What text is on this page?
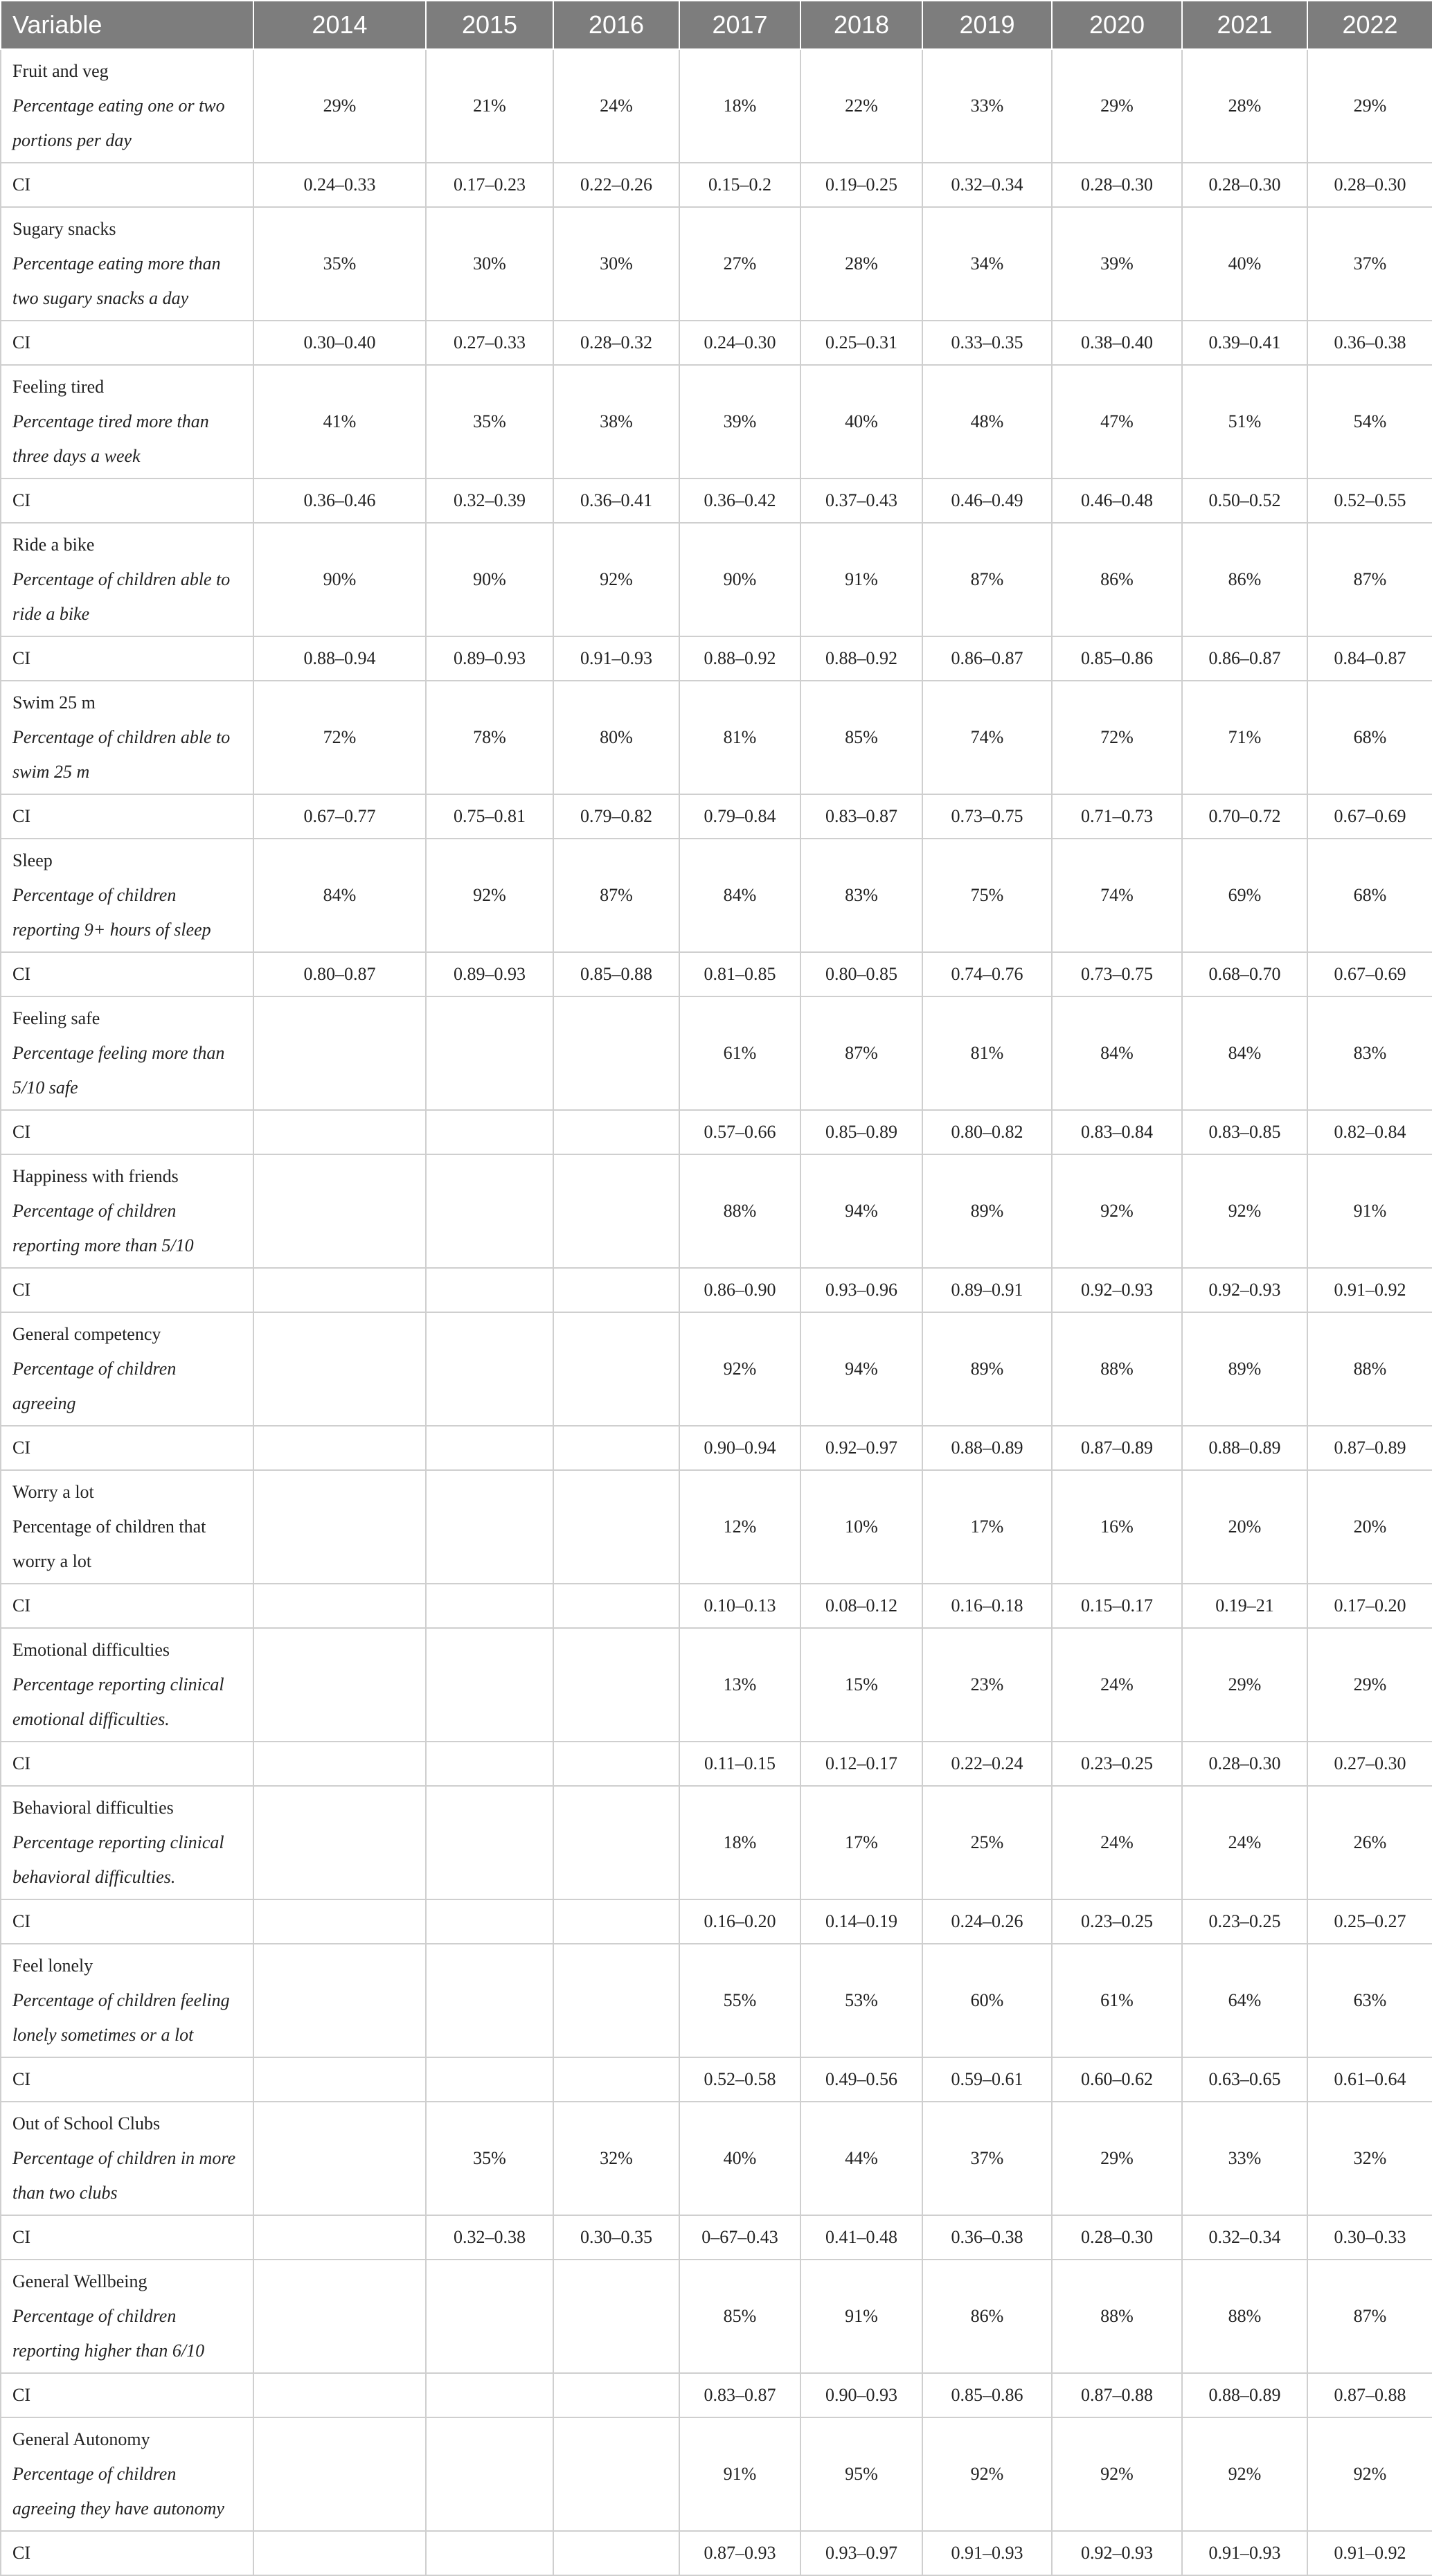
Variable	2014	2015	2016	2017	2018	2019	2020	2021	2022

Fruit and veg
Percentage eating one or two portions per day	29%	21%	24%	18%	22%	33%	29%	28%	29%
CI	0.24–0.33	0.17–0.23	0.22–0.26	0.15–0.2	0.19–0.25	0.32–0.34	0.28–0.30	0.28–0.30	0.28–0.30

Sugary snacks
Percentage eating more than two sugary snacks a day	35%	30%	30%	27%	28%	34%	39%	40%	37%
CI	0.30–0.40	0.27–0.33	0.28–0.32	0.24–0.30	0.25–0.31	0.33–0.35	0.38–0.40	0.39–0.41	0.36–0.38

Feeling tired
Percentage tired more than three days a week	41%	35%	38%	39%	40%	48%	47%	51%	54%
CI	0.36–0.46	0.32–0.39	0.36–0.41	0.36–0.42	0.37–0.43	0.46–0.49	0.46–0.48	0.50–0.52	0.52–0.55

Ride a bike
Percentage of children able to ride a bike	90%	90%	92%	90%	91%	87%	86%	86%	87%
CI	0.88–0.94	0.89–0.93	0.91–0.93	0.88–0.92	0.88–0.92	0.86–0.87	0.85–0.86	0.86–0.87	0.84–0.87

Swim 25 m
Percentage of children able to swim 25 m	72%	78%	80%	81%	85%	74%	72%	71%	68%
CI	0.67–0.77	0.75–0.81	0.79–0.82	0.79–0.84	0.83–0.87	0.73–0.75	0.71–0.73	0.70–0.72	0.67–0.69

Sleep
Percentage of children reporting 9+ hours of sleep	84%	92%	87%	84%	83%	75%	74%	69%	68%
CI	0.80–0.87	0.89–0.93	0.85–0.88	0.81–0.85	0.80–0.85	0.74–0.76	0.73–0.75	0.68–0.70	0.67–0.69

Feeling safe
Percentage feeling more than 5/10 safe				61%	87%	81%	84%	84%	83%
CI				0.57–0.66	0.85–0.89	0.80–0.82	0.83–0.84	0.83–0.85	0.82–0.84

Happiness with friends
Percentage of children reporting more than 5/10				88%	94%	89%	92%	92%	91%
CI				0.86–0.90	0.93–0.96	0.89–0.91	0.92–0.93	0.92–0.93	0.91–0.92

General competency
Percentage of children agreeing				92%	94%	89%	88%	89%	88%
CI				0.90–0.94	0.92–0.97	0.88–0.89	0.87–0.89	0.88–0.89	0.87–0.89

Worry a lot
Percentage of children that worry a lot				12%	10%	17%	16%	20%	20%
CI				0.10–0.13	0.08–0.12	0.16–0.18	0.15–0.17	0.19–21	0.17–0.20

Emotional difficulties
Percentage reporting clinical emotional difficulties.				13%	15%	23%	24%	29%	29%
CI				0.11–0.15	0.12–0.17	0.22–0.24	0.23–0.25	0.28–0.30	0.27–0.30

Behavioral difficulties
Percentage reporting clinical behavioral difficulties.				18%	17%	25%	24%	24%	26%
CI				0.16–0.20	0.14–0.19	0.24–0.26	0.23–0.25	0.23–0.25	0.25–0.27

Feel lonely
Percentage of children feeling lonely sometimes or a lot				55%	53%	60%	61%	64%	63%
CI				0.52–0.58	0.49–0.56	0.59–0.61	0.60–0.62	0.63–0.65	0.61–0.64

Out of School Clubs
Percentage of children in more than two clubs		35%	32%	40%	44%	37%	29%	33%	32%
CI		0.32–0.38	0.30–0.35	0–67–0.43	0.41–0.48	0.36–0.38	0.28–0.30	0.32–0.34	0.30–0.33

General Wellbeing
Percentage of children reporting higher than 6/10				85%	91%	86%	88%	88%	87%
CI				0.83–0.87	0.90–0.93	0.85–0.86	0.87–0.88	0.88–0.89	0.87–0.88

General Autonomy
Percentage of children agreeing they have autonomy				91%	95%	92%	92%	92%	92%
CI				0.87–0.93	0.93–0.97	0.91–0.93	0.92–0.93	0.91–0.93	0.91–0.92
